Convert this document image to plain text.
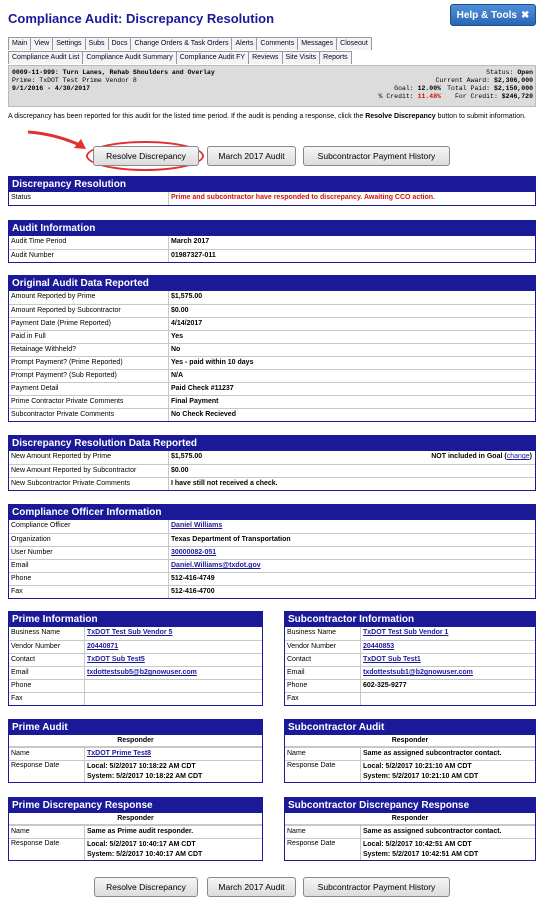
Compliance Audit: Discrepancy Resolution	Help & Tools ✖
Main	View	Settings	Subs	Docs	Change Orders & Task Orders	Alerts	Comments	Messages	Closeout
Compliance Audit List	Compliance Audit Summary	Compliance Audit FY	Reviews	Site Visits	Reports
0009-11-999: Turn Lanes, Rehab Shoulders and Overlay
Prime: TxDOT Test Prime Vendor 8
9/1/2016 - 4/30/2017	Goal: 12.00%
% Credit: 11.48%
Status: Open
Current Award: $2,306,000
Total Paid: $2,150,000
For Credit: $246,720
A discrepancy has been reported for this audit for the listed time period. If the audit is pending a response, click the Resolve Discrepancy button to submit information.
Resolve Discrepancy	March 2017 Audit	Subcontractor Payment History
Discrepancy Resolution
Status	Prime and subcontractor have responded to discrepancy. Awaiting CCO action.
Audit Information
Audit Time Period	March 2017
Audit Number	01987327-011
Original Audit Data Reported
Amount Reported by Prime	$1,575.00
Amount Reported by Subcontractor	$0.00
Payment Date (Prime Reported)	4/14/2017
Paid in Full	Yes
Retainage Withheld?	No
Prompt Payment? (Prime Reported)	Yes - paid within 10 days
Prompt Payment? (Sub Reported)	N/A
Payment Detail	Paid Check #11237
Prime Contractor Private Comments	Final Payment
Subcontractor Private Comments	No Check Recieved
Discrepancy Resolution Data Reported
New Amount Reported by Prime	$1,575.00	NOT included in Goal (change)
New Amount Reported by Subcontractor	$0.00
New Subcontractor Private Comments	I have still not received a check.
Compliance Officer Information
Compliance Officer	Daniel Williams
Organization	Texas Department of Transportation
User Number	30000082-051
Email	Daniel.Williams@txdot.gov
Phone	512-416-4749
Fax	512-416-4700
Prime Information
Business Name	TxDOT Test Sub Vendor 5
Vendor Number	20440871
Contact	TxDOT Sub Test5
Email	txdottestsub5@b2gnowuser.com
Phone
Fax
Subcontractor Information
Business Name	TxDOT Test Sub Vendor 1
Vendor Number	20440853
Contact	TxDOT Sub Test1
Email	txdottestsub1@b2gnowuser.com
Phone	602-325-9277
Fax
Prime Audit
Responder
Name	TxDOT Prime Test8
Response Date	Local: 5/2/2017 10:18:22 AM CDT
System: 5/2/2017 10:18:22 AM CDT
Subcontractor Audit
Responder
Name	Same as assigned subcontractor contact.
Response Date	Local: 5/2/2017 10:21:10 AM CDT
System: 5/2/2017 10:21:10 AM CDT
Prime Discrepancy Response
Responder
Name	Same as Prime audit responder.
Response Date	Local: 5/2/2017 10:40:17 AM CDT
System: 5/2/2017 10:40:17 AM CDT
Subcontractor Discrepancy Response
Responder
Name	Same as assigned subcontractor contact.
Response Date	Local: 5/2/2017 10:42:51 AM CDT
System: 5/2/2017 10:42:51 AM CDT
Resolve Discrepancy	March 2017 Audit	Subcontractor Payment History
